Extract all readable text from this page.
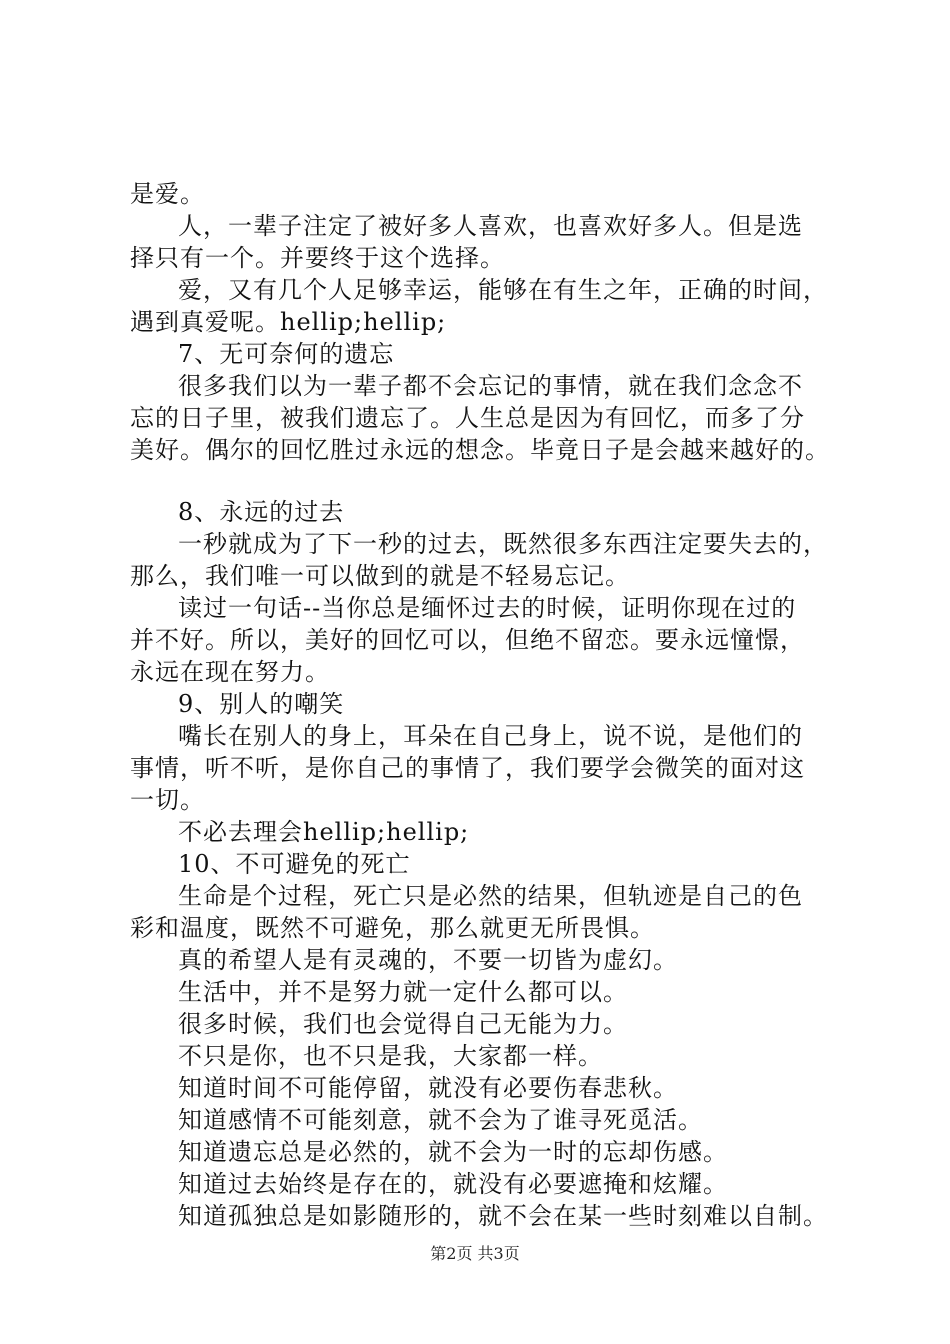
是爱。
人，一辈子注定了被好多人喜欢，也喜欢好多人。但是选
择只有一个。并要终于这个选择。
爱，又有几个人足够幸运，能够在有生之年，正确的时间，
遇到真爱呢。hellip;hellip;
7、无可奈何的遗忘
很多我们以为一辈子都不会忘记的事情，就在我们念念不
忘的日子里，被我们遗忘了。人生总是因为有回忆，而多了分
美好。偶尔的回忆胜过永远的想念。毕竟日子是会越来越好的。
8、永远的过去
一秒就成为了下一秒的过去，既然很多东西注定要失去的，
那么，我们唯一可以做到的就是不轻易忘记。
读过一句话--当你总是缅怀过去的时候，证明你现在过的
并不好。所以，美好的回忆可以，但绝不留恋。要永远憧憬，
永远在现在努力。
9、别人的嘲笑
嘴长在别人的身上，耳朵在自己身上，说不说，是他们的
事情，听不听，是你自己的事情了，我们要学会微笑的面对这
一切。
不必去理会hellip;hellip;
10、不可避免的死亡
生命是个过程，死亡只是必然的结果，但轨迹是自己的色
彩和温度，既然不可避免，那么就更无所畏惧。
真的希望人是有灵魂的，不要一切皆为虚幻。
生活中，并不是努力就一定什么都可以。
很多时候，我们也会觉得自己无能为力。
不只是你，也不只是我，大家都一样。
知道时间不可能停留，就没有必要伤春悲秋。
知道感情不可能刻意，就不会为了谁寻死觅活。
知道遗忘总是必然的，就不会为一时的忘却伤感。
知道过去始终是存在的，就没有必要遮掩和炫耀。
知道孤独总是如影随形的，就不会在某一些时刻难以自制。
第2页 共3页
